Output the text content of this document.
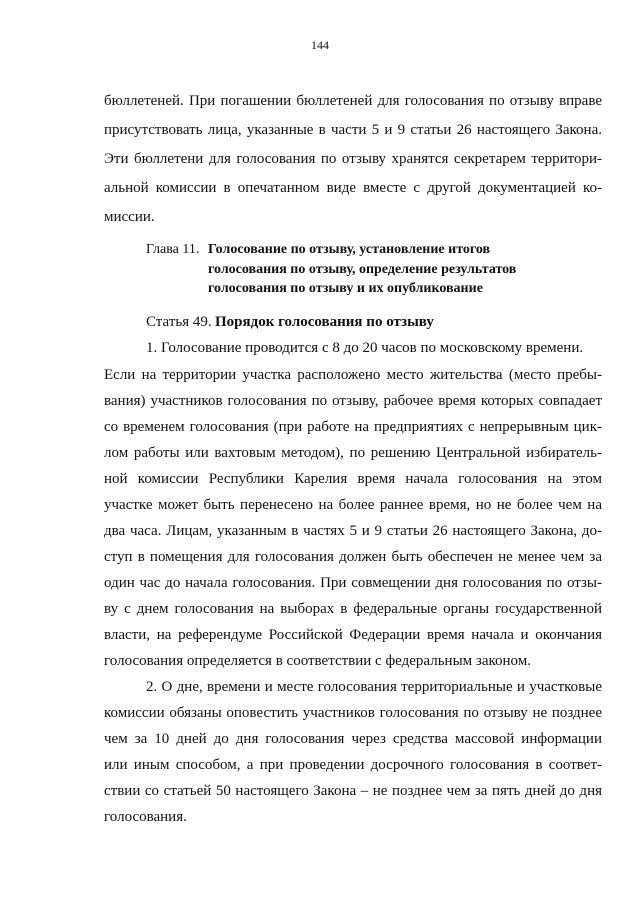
144
бюллетеней. При погашении бюллетеней для голосования по отзыву вправе
присутствовать лица, указанные в части 5 и 9 статьи 26 настоящего Закона.
Эти бюллетени для голосования по отзыву хранятся секретарем территори-
альной комиссии в опечатанном виде вместе с другой документацией ко-
миссии.
Глава 11. Голосование по отзыву, установление итогов
голосования по отзыву, определение результатов
голосования по отзыву и их опубликование
Статья 49. Порядок голосования по отзыву
1. Голосование проводится с 8 до 20 часов по московскому времени.
Если на территории участка расположено место жительства (место пребы-
вания) участников голосования по отзыву, рабочее время которых совпадает
со временем голосования (при работе на предприятиях с непрерывным цик-
лом работы или вахтовым методом), по решению Центральной избиратель-
ной комиссии Республики Карелия время начала голосования на этом
участке может быть перенесено на более раннее время, но не более чем на
два часа. Лицам, указанным в частях 5 и 9 статьи 26 настоящего Закона, до-
ступ в помещения для голосования должен быть обеспечен не менее чем за
один час до начала голосования. При совмещении дня голосования по отзы-
ву с днем голосования на выборах в федеральные органы государственной
власти, на референдуме Российской Федерации время начала и окончания
голосования определяется в соответствии с федеральным законом.
2. О дне, времени и месте голосования территориальные и участковые
комиссии обязаны оповестить участников голосования по отзыву не позднее
чем за 10 дней до дня голосования через средства массовой информации
или иным способом, а при проведении досрочного голосования в соответ-
ствии со статьей 50 настоящего Закона – не позднее чем за пять дней до дня
голосования.
